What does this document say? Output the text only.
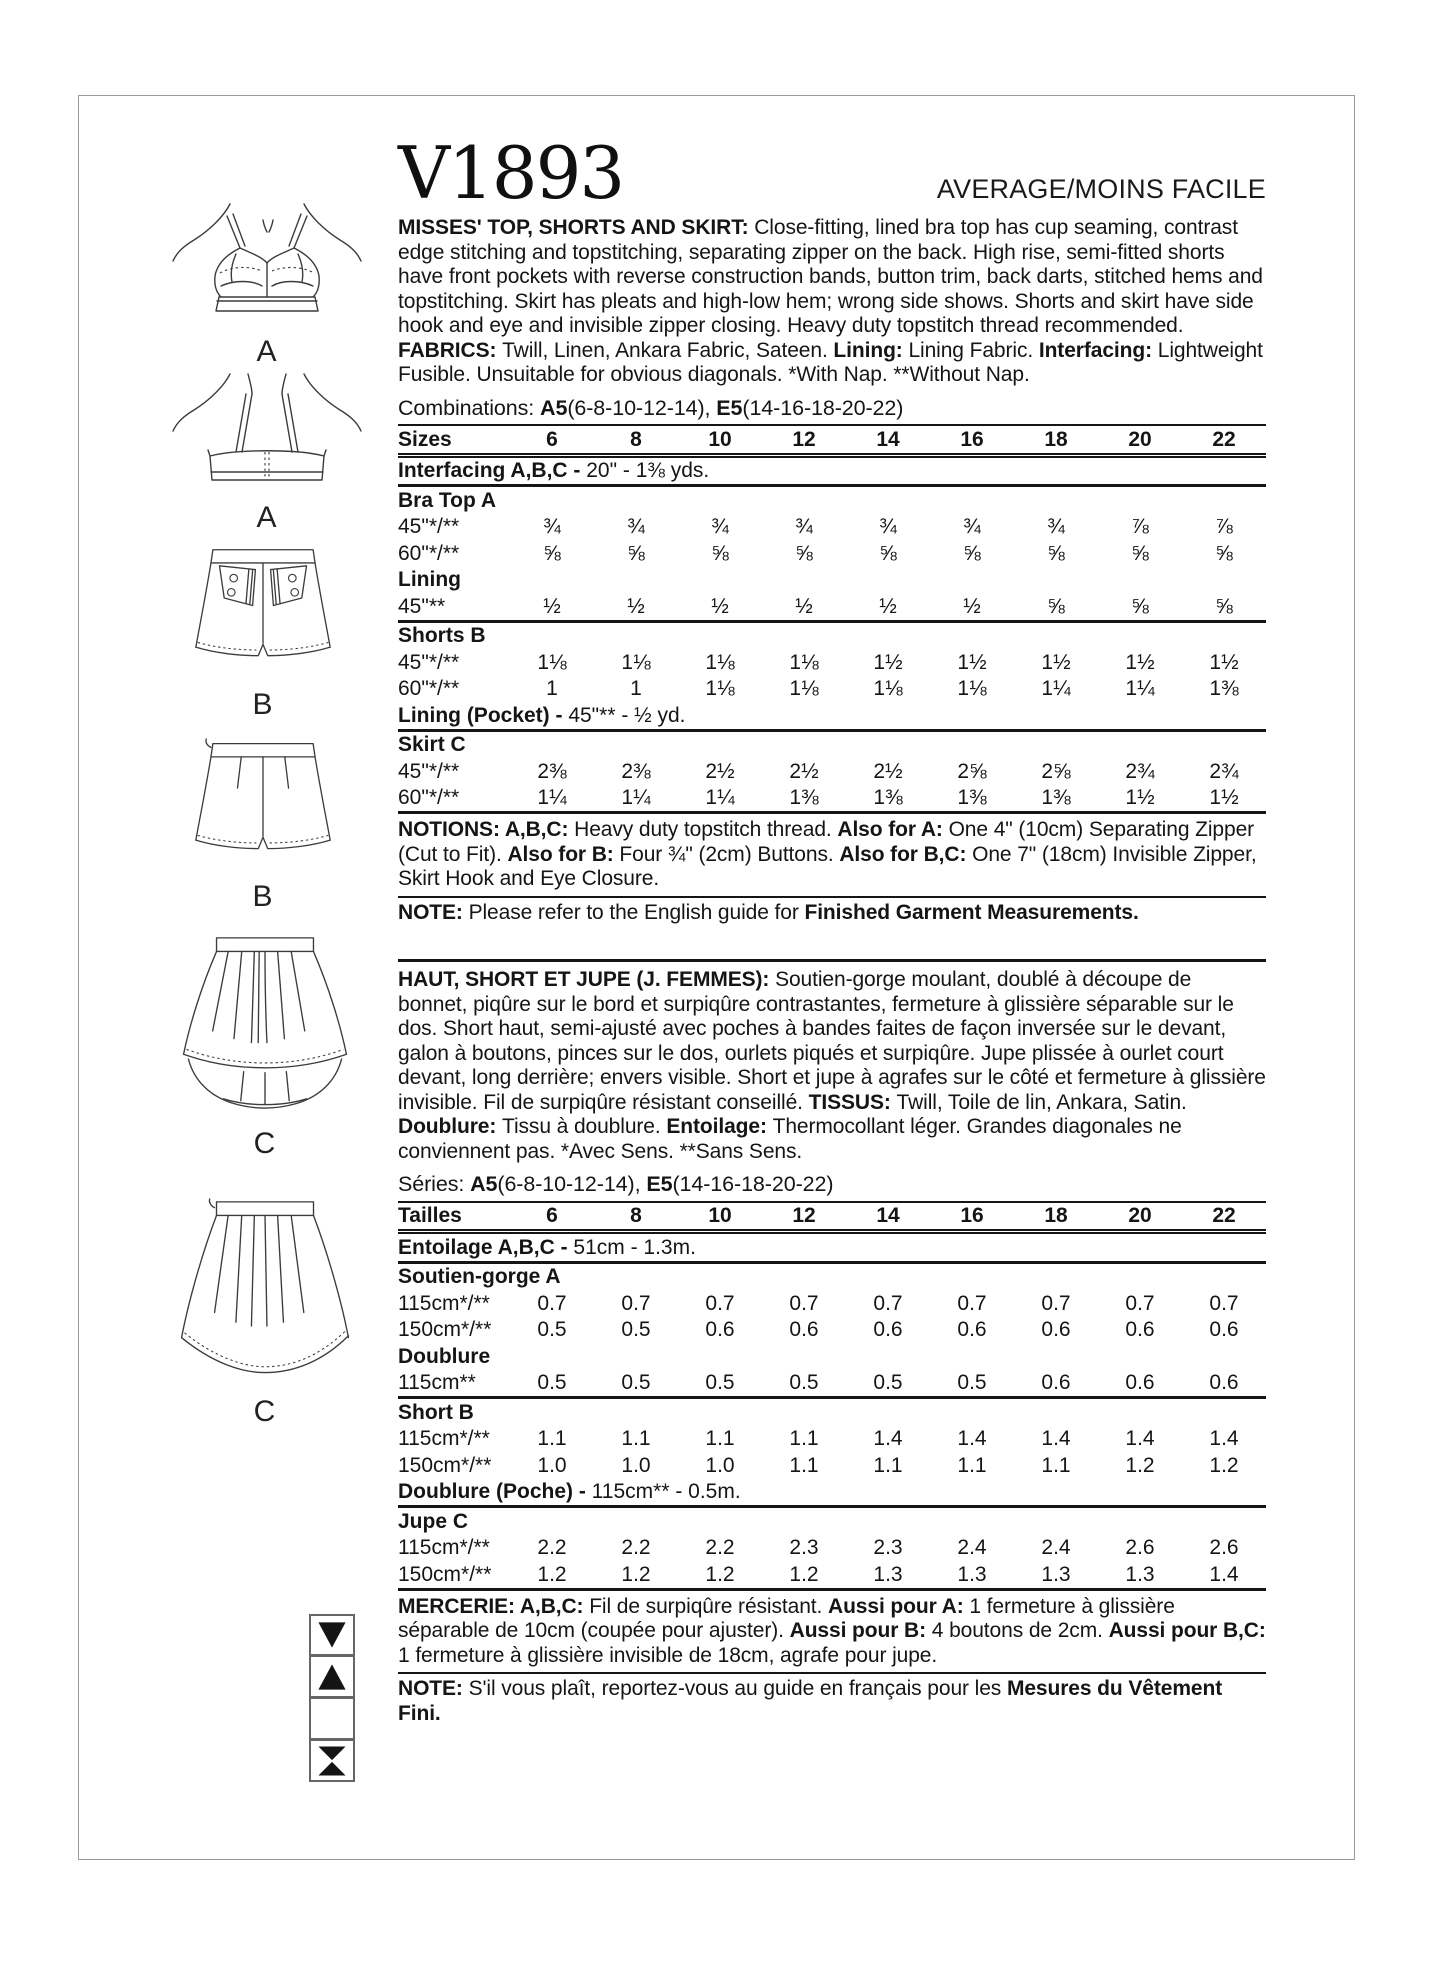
A
A
B
B
C
C
V1893	AVERAGE/MOINS FACILE
MISSES' TOP, SHORTS AND SKIRT: Close-fitting, lined bra top has cup seaming, contrast edge stitching and topstitching, separating zipper on the back. High rise, semi-fitted shorts have front pockets with reverse construction bands, button trim, back darts, stitched hems and topstitching. Skirt has pleats and high-low hem; wrong side shows. Shorts and skirt have side hook and eye and invisible zipper closing. Heavy duty topstitch thread recommended. FABRICS: Twill, Linen, Ankara Fabric, Sateen. Lining: Lining Fabric. Interfacing: Lightweight Fusible. Unsuitable for obvious diagonals. *With Nap. **Without Nap.
Combinations: A5(6-8-10-12-14), E5(14-16-18-20-22)
Sizes	6	8	10	12	14	16	18	20	22
Interfacing A,B,C - 20" - 1⅜ yds.									
Bra Top A									
45"*/**	¾	¾	¾	¾	¾	¾	¾	⅞	⅞
60"*/**	⅝	⅝	⅝	⅝	⅝	⅝	⅝	⅝	⅝
Lining									
45"**	½	½	½	½	½	½	⅝	⅝	⅝
Shorts B									
45"*/**	1⅛	1⅛	1⅛	1⅛	1½	1½	1½	1½	1½
60"*/**	1	1	1⅛	1⅛	1⅛	1⅛	1¼	1¼	1⅜
Lining (Pocket) - 45"** - ½ yd.									
Skirt C									
45"*/**	2⅜	2⅜	2½	2½	2½	2⅝	2⅝	2¾	2¾
60"*/**	1¼	1¼	1¼	1⅜	1⅜	1⅜	1⅜	1½	1½
NOTIONS: A,B,C: Heavy duty topstitch thread. Also for A: One 4" (10cm) Separating Zipper (Cut to Fit). Also for B: Four ¾" (2cm) Buttons. Also for B,C: One 7" (18cm) Invisible Zipper, Skirt Hook and Eye Closure.
NOTE: Please refer to the English guide for Finished Garment Measurements.
HAUT, SHORT ET JUPE (J. FEMMES): Soutien-gorge moulant, doublé à découpe de bonnet, piqûre sur le bord et surpiqûre contrastantes, fermeture à glissière séparable sur le dos. Short haut, semi-ajusté avec poches à bandes faites de façon inversée sur le devant, galon à boutons, pinces sur le dos, ourlets piqués et surpiqûre. Jupe plissée à ourlet court devant, long derrière; envers visible. Short et jupe à agrafes sur le côté et fermeture à glissière invisible. Fil de surpiqûre résistant conseillé. TISSUS: Twill, Toile de lin, Ankara, Satin. Doublure: Tissu à doublure. Entoilage: Thermocollant léger. Grandes diagonales ne conviennent pas. *Avec Sens. **Sans Sens.
Séries: A5(6-8-10-12-14), E5(14-16-18-20-22)
Tailles	6	8	10	12	14	16	18	20	22
Entoilage A,B,C - 51cm - 1.3m.									
Soutien-gorge A									
115cm*/**	0.7	0.7	0.7	0.7	0.7	0.7	0.7	0.7	0.7
150cm*/**	0.5	0.5	0.6	0.6	0.6	0.6	0.6	0.6	0.6
Doublure									
115cm**	0.5	0.5	0.5	0.5	0.5	0.5	0.6	0.6	0.6
Short B									
115cm*/**	1.1	1.1	1.1	1.1	1.4	1.4	1.4	1.4	1.4
150cm*/**	1.0	1.0	1.0	1.1	1.1	1.1	1.1	1.2	1.2
Doublure (Poche) - 115cm** - 0.5m.									
Jupe C									
115cm*/**	2.2	2.2	2.2	2.3	2.3	2.4	2.4	2.6	2.6
150cm*/**	1.2	1.2	1.2	1.2	1.3	1.3	1.3	1.3	1.4
MERCERIE: A,B,C: Fil de surpiqûre résistant. Aussi pour A: 1 fermeture à glissière séparable de 10cm (coupée pour ajuster). Aussi pour B: 4 boutons de 2cm. Aussi pour B,C: 1 fermeture à glissière invisible de 18cm, agrafe pour jupe.
NOTE: S'il vous plaît, reportez-vous au guide en français pour les Mesures du Vêtement Fini.
